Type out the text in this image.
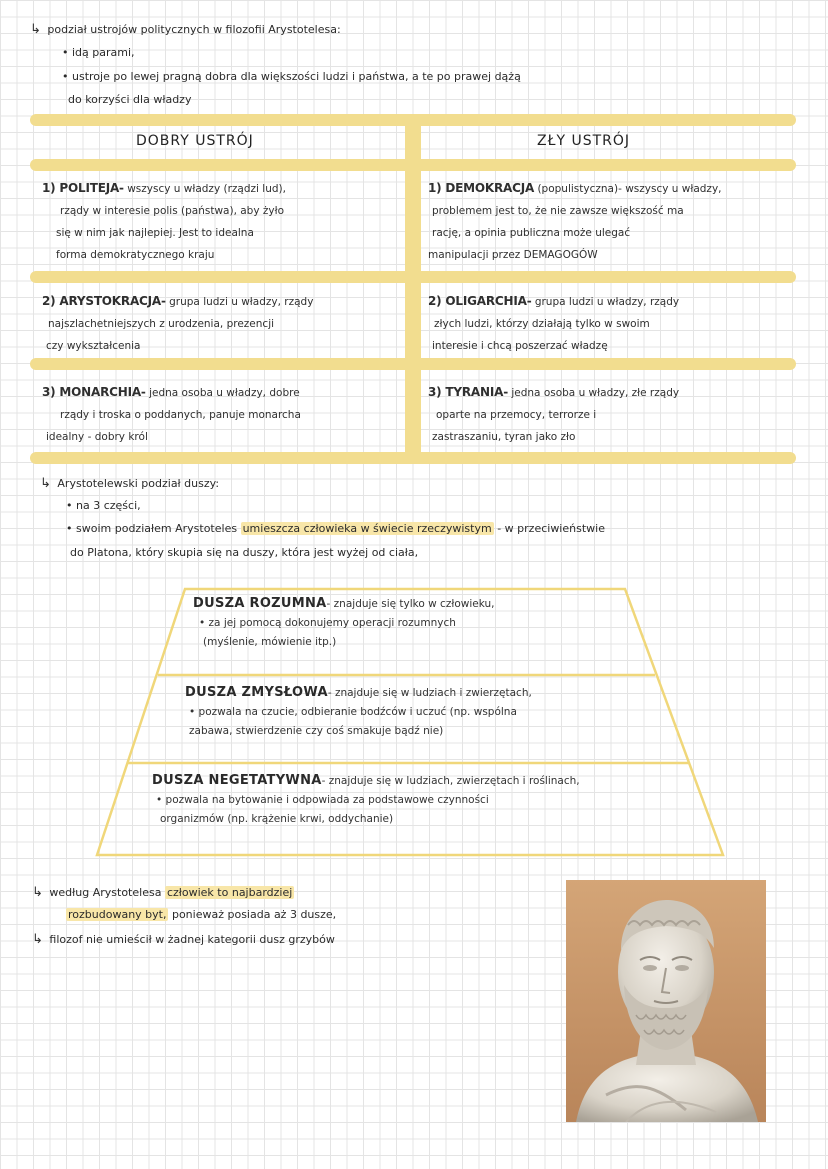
↳ podział ustrojów politycznych w filozofii Arystotelesa:
• idą parami,
• ustroje po lewej pragną dobra dla większości ludzi i państwa, a te po prawej dążą
do korzyści dla władzy
DOBRY USTRÓJ	ZŁY USTRÓJ
1) POLITEJA- wszyscy u władzy (rządzi lud),
rządy w interesie polis (państwa), aby żyło
się w nim jak najlepiej. Jest to idealna
forma demokratycznego kraju
1) DEMOKRACJA (populistyczna)- wszyscy u władzy,
problemem jest to, że nie zawsze większość ma
rację, a opinia publiczna może ulegać
manipulacji przez DEMAGOGÓW
2) ARYSTOKRACJA- grupa ludzi u władzy, rządy
najszlachetniejszych z urodzenia, prezencji
czy wykształcenia
2) OLIGARCHIA- grupa ludzi u władzy, rządy
złych ludzi, którzy działają tylko w swoim
interesie i chcą poszerzać władzę
3) MONARCHIA- jedna osoba u władzy, dobre
rządy i troska o poddanych, panuje monarcha
idealny - dobry król
3) TYRANIA- jedna osoba u władzy, złe rządy
oparte na przemocy, terrorze i
zastraszaniu, tyran jako zło
↳ Arystotelewski podział duszy:
• na 3 części,
• swoim podziałem Arystoteles umieszcza człowieka w świecie rzeczywistym - w przeciwieństwie
do Platona, który skupia się na duszy, która jest wyżej od ciała,
DUSZA ROZUMNA- znajduje się tylko w człowieku,
• za jej pomocą dokonujemy operacji rozumnych
(myślenie, mówienie itp.)
DUSZA ZMYSŁOWA- znajduje się w ludziach i zwierzętach,
• pozwala na czucie, odbieranie bodźców i uczuć (np. wspólna
zabawa, stwierdzenie czy coś smakuje bądź nie)
DUSZA NEGETATYWNA- znajduje się w ludziach, zwierzętach i roślinach,
• pozwala na bytowanie i odpowiada za podstawowe czynności
organizmów (np. krążenie krwi, oddychanie)
↳ według Arystotelesa człowiek to najbardziej
rozbudowany byt, ponieważ posiada aż 3 dusze,
↳ filozof nie umieścił w żadnej kategorii dusz grzybów
